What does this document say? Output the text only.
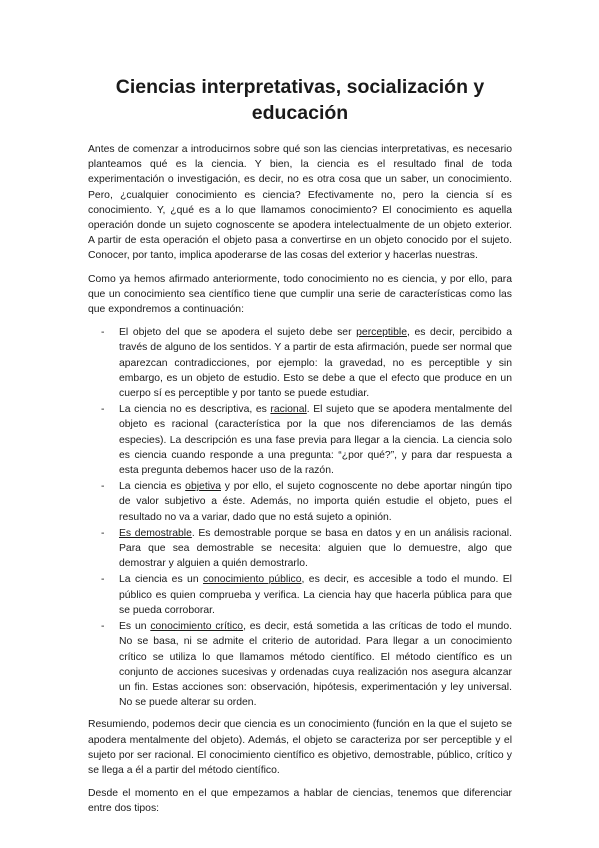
Ciencias interpretativas, socialización y educación

Antes de comenzar a introducirnos sobre qué son las ciencias interpretativas, es necesario planteamos qué es la ciencia. Y bien, la ciencia es el resultado final de toda experimentación o investigación, es decir, no es otra cosa que un saber, un conocimiento. Pero, ¿cualquier conocimiento es ciencia? Efectivamente no, pero la ciencia sí es conocimiento. Y, ¿qué es a lo que llamamos conocimiento? El conocimiento es aquella operación donde un sujeto cognoscente se apodera intelectualmente de un objeto exterior. A partir de esta operación el objeto pasa a convertirse en un objeto conocido por el sujeto. Conocer, por tanto, implica apoderarse de las cosas del exterior y hacerlas nuestras.

Como ya hemos afirmado anteriormente, todo conocimiento no es ciencia, y por ello, para que un conocimiento sea científico tiene que cumplir una serie de características como las que expondremos a continuación:

- El objeto del que se apodera el sujeto debe ser perceptible, es decir, percibido a través de alguno de los sentidos. Y a partir de esta afirmación, puede ser normal que aparezcan contradicciones, por ejemplo: la gravedad, no es perceptible y sin embargo, es un objeto de estudio. Esto se debe a que el efecto que produce en un cuerpo sí es perceptible y por tanto se puede estudiar.
- La ciencia no es descriptiva, es racional. El sujeto que se apodera mentalmente del objeto es racional (característica por la que nos diferenciamos de las demás especies). La descripción es una fase previa para llegar a la ciencia. La ciencia solo es ciencia cuando responde a una pregunta: “¿por qué?”, y para dar respuesta a esta pregunta debemos hacer uso de la razón.
- La ciencia es objetiva y por ello, el sujeto cognoscente no debe aportar ningún tipo de valor subjetivo a éste. Además, no importa quién estudie el objeto, pues el resultado no va a variar, dado que no está sujeto a opinión.
- Es demostrable. Es demostrable porque se basa en datos y en un análisis racional. Para que sea demostrable se necesita: alguien que lo demuestre, algo que demostrar y alguien a quién demostrarlo.
- La ciencia es un conocimiento público, es decir, es accesible a todo el mundo. El público es quien comprueba y verifica. La ciencia hay que hacerla pública para que se pueda corroborar.
- Es un conocimiento crítico, es decir, está sometida a las críticas de todo el mundo. No se basa, ni se admite el criterio de autoridad. Para llegar a un conocimiento crítico se utiliza lo que llamamos método científico. El método científico es un conjunto de acciones sucesivas y ordenadas cuya realización nos asegura alcanzar un fin. Estas acciones son: observación, hipótesis, experimentación y ley universal. No se puede alterar su orden.

Resumiendo, podemos decir que ciencia es un conocimiento (función en la que el sujeto se apodera mentalmente del objeto). Además, el objeto se caracteriza por ser perceptible y el sujeto por ser racional. El conocimiento científico es objetivo, demostrable, público, crítico y se llega a él a partir del método científico.

Desde el momento en el que empezamos a hablar de ciencias, tenemos que diferenciar entre dos tipos:
